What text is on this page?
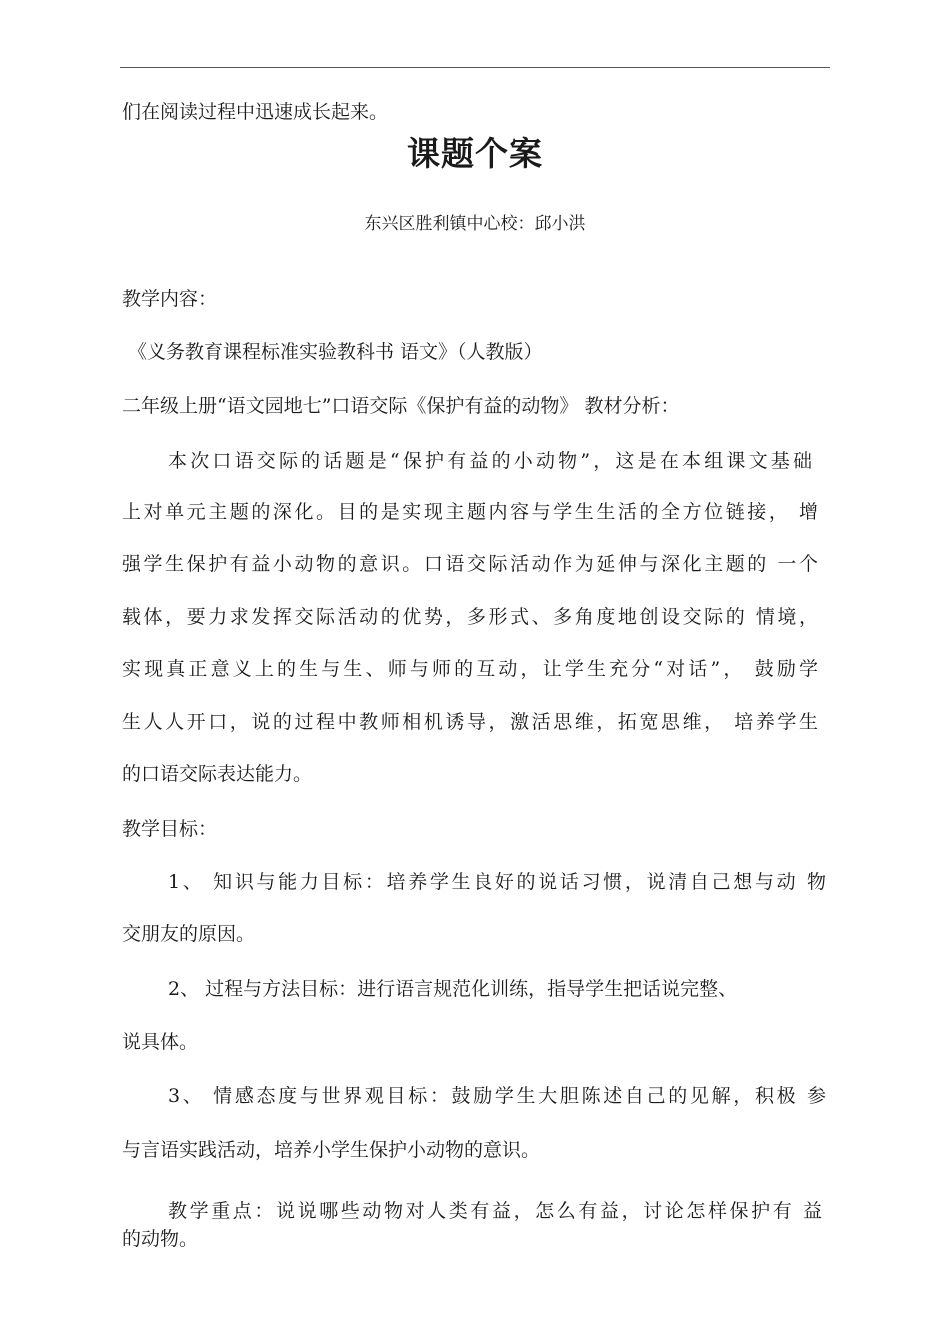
们在阅读过程中迅速成长起来。
课题个案
东兴区胜利镇中心校：邱小洪
教学内容：
《义务教育课程标准实验教科书 语文》（人教版）
二年级上册“语文园地七”口语交际《保护有益的动物》 教材分析：
本次口语交际的话题是“保护有益的小动物”，这是在本组课文基础
上对单元主题的深化。目的是实现主题内容与学生生活的全方位链接， 增
强学生保护有益小动物的意识。口语交际活动作为延伸与深化主题的 一个
载体，要力求发挥交际活动的优势，多形式、多角度地创设交际的 情境，
实现真正意义上的生与生、师与师的互动，让学生充分“对话”， 鼓励学
生人人开口，说的过程中教师相机诱导，激活思维，拓宽思维， 培养学生
的口语交际表达能力。
教学目标：
1、 知识与能力目标：培养学生良好的说话习惯，说清自己想与动 物
交朋友的原因。
2、 过程与方法目标：进行语言规范化训练，指导学生把话说完整、
说具体。
3、 情感态度与世界观目标：鼓励学生大胆陈述自己的见解，积极 参
与言语实践活动，培养小学生保护小动物的意识。
教学重点：说说哪些动物对人类有益，怎么有益，讨论怎样保护有 益
的动物。
